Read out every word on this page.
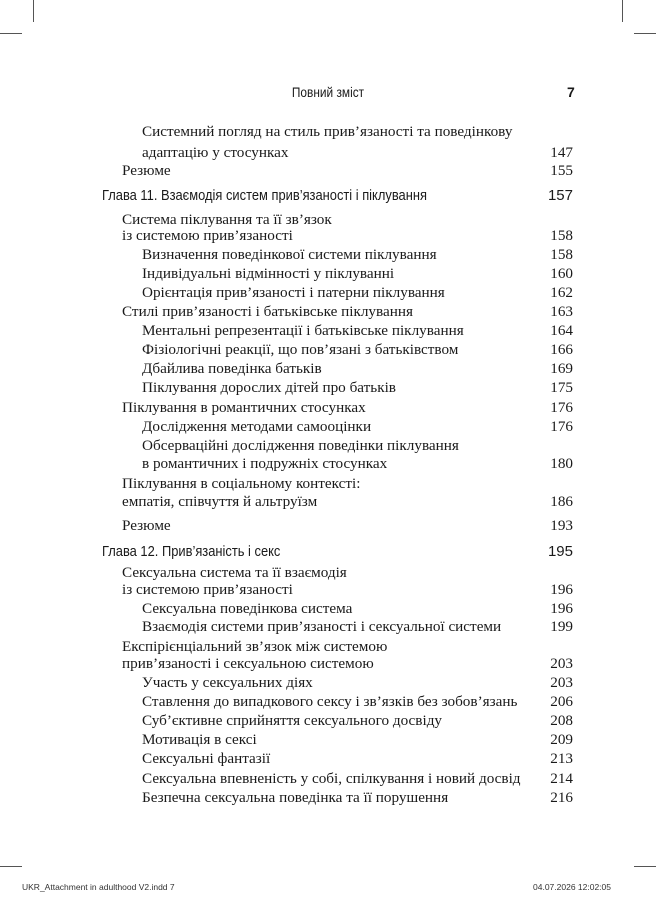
Повний зміст	7
Системний погляд на стиль прив’язаності та поведінкову
адаптацію у стосунках	147
Резюме	155
Глава 11. Взаємодія систем прив’язаності і піклування	157
Система піклування та її зв’язок
із системою прив’язаності	158
Визначення поведінкової системи піклування	158
Індивідуальні відмінності у піклуванні	160
Орієнтація прив’язаності і патерни піклування	162
Стилі прив’язаності і батьківське піклування	163
Ментальні репрезентації і батьківське піклування	164
Фізіологічні реакції, що пов’язані з батьківством	166
Дбайлива поведінка батьків	169
Піклування дорослих дітей про батьків	175
Піклування в романтичних стосунках	176
Дослідження методами самооцінки	176
Обсерваційні дослідження поведінки піклування
в романтичних і подружніх стосунках	180
Піклування в соціальному контексті:
емпатія, співчуття й альтруїзм	186
Резюме	193
Глава 12. Прив’язаність і секс	195
Сексуальна система та її взаємодія
із системою прив’язаності	196
Сексуальна поведінкова система	196
Взаємодія системи прив’язаності і сексуальної системи	199
Експірієнціальний зв’язок між системою
прив’язаності і сексуальною системою	203
Участь у сексуальних діях	203
Ставлення до випадкового сексу і зв’язків без зобов’язань 206
Суб’єктивне сприйняття сексуального досвіду	208
Мотивація в сексі	209
Сексуальні фантазії	213
Сексуальна впевненість у собі, спілкування і новий досвід 214
Безпечна сексуальна поведінка та її порушення	216
UKR_Attachment in adulthood V2.indd 7	04.07.2026 12:02:05
